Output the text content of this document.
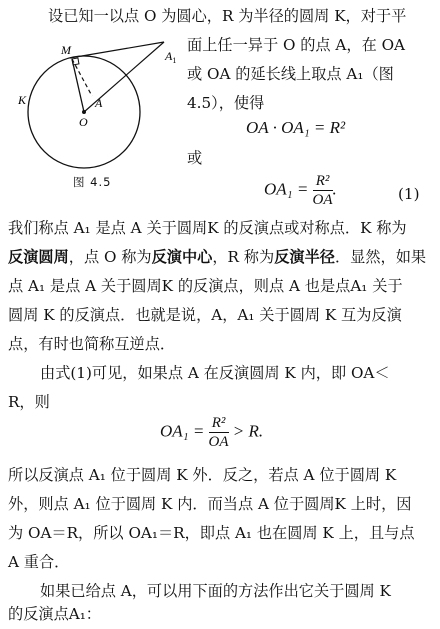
M	$A_1$
K	A
O
图 4.5
设已知一以点 O 为圆心，R 为半径的圆周 K，对于平
面上任一异于 O 的点 A，在 OA
或 OA 的延长线上取点 A₁（图
4.5），使得
OA · OA₁ = R²
或
$OA_1 = \frac{\text{R²}}{OA}$ .	(1)
我们称点 A₁ 是点 A 关于圆周K 的反演点或对称点．K 称为
反演圆周，点 O 称为反演中心，R 称为反演半径．显然，如果
点 A₁ 是点 A 关于圆周K 的反演点，则点 A 也是点A₁ 关于
圆周 K 的反演点．也就是说，A，A₁ 关于圆周 K 互为反演
点，有时也简称互逆点．
由式(1)可见，如果点 A 在反演圆周 K 内，即 OA＜
R，则
$OA_1 = \frac{\text{R²}}{OA} > R$.
所以反演点 A₁ 位于圆周 K 外．反之，若点 A 位于圆周 K
外，则点 A₁ 位于圆周 K 内．而当点 A 位于圆周K 上时，因
为 OA＝R，所以 OA₁＝R，即点 A₁ 也在圆周 K 上，且与点
A 重合．
如果已给点 A，可以用下面的方法作出它关于圆周 K
的反演点A₁：
